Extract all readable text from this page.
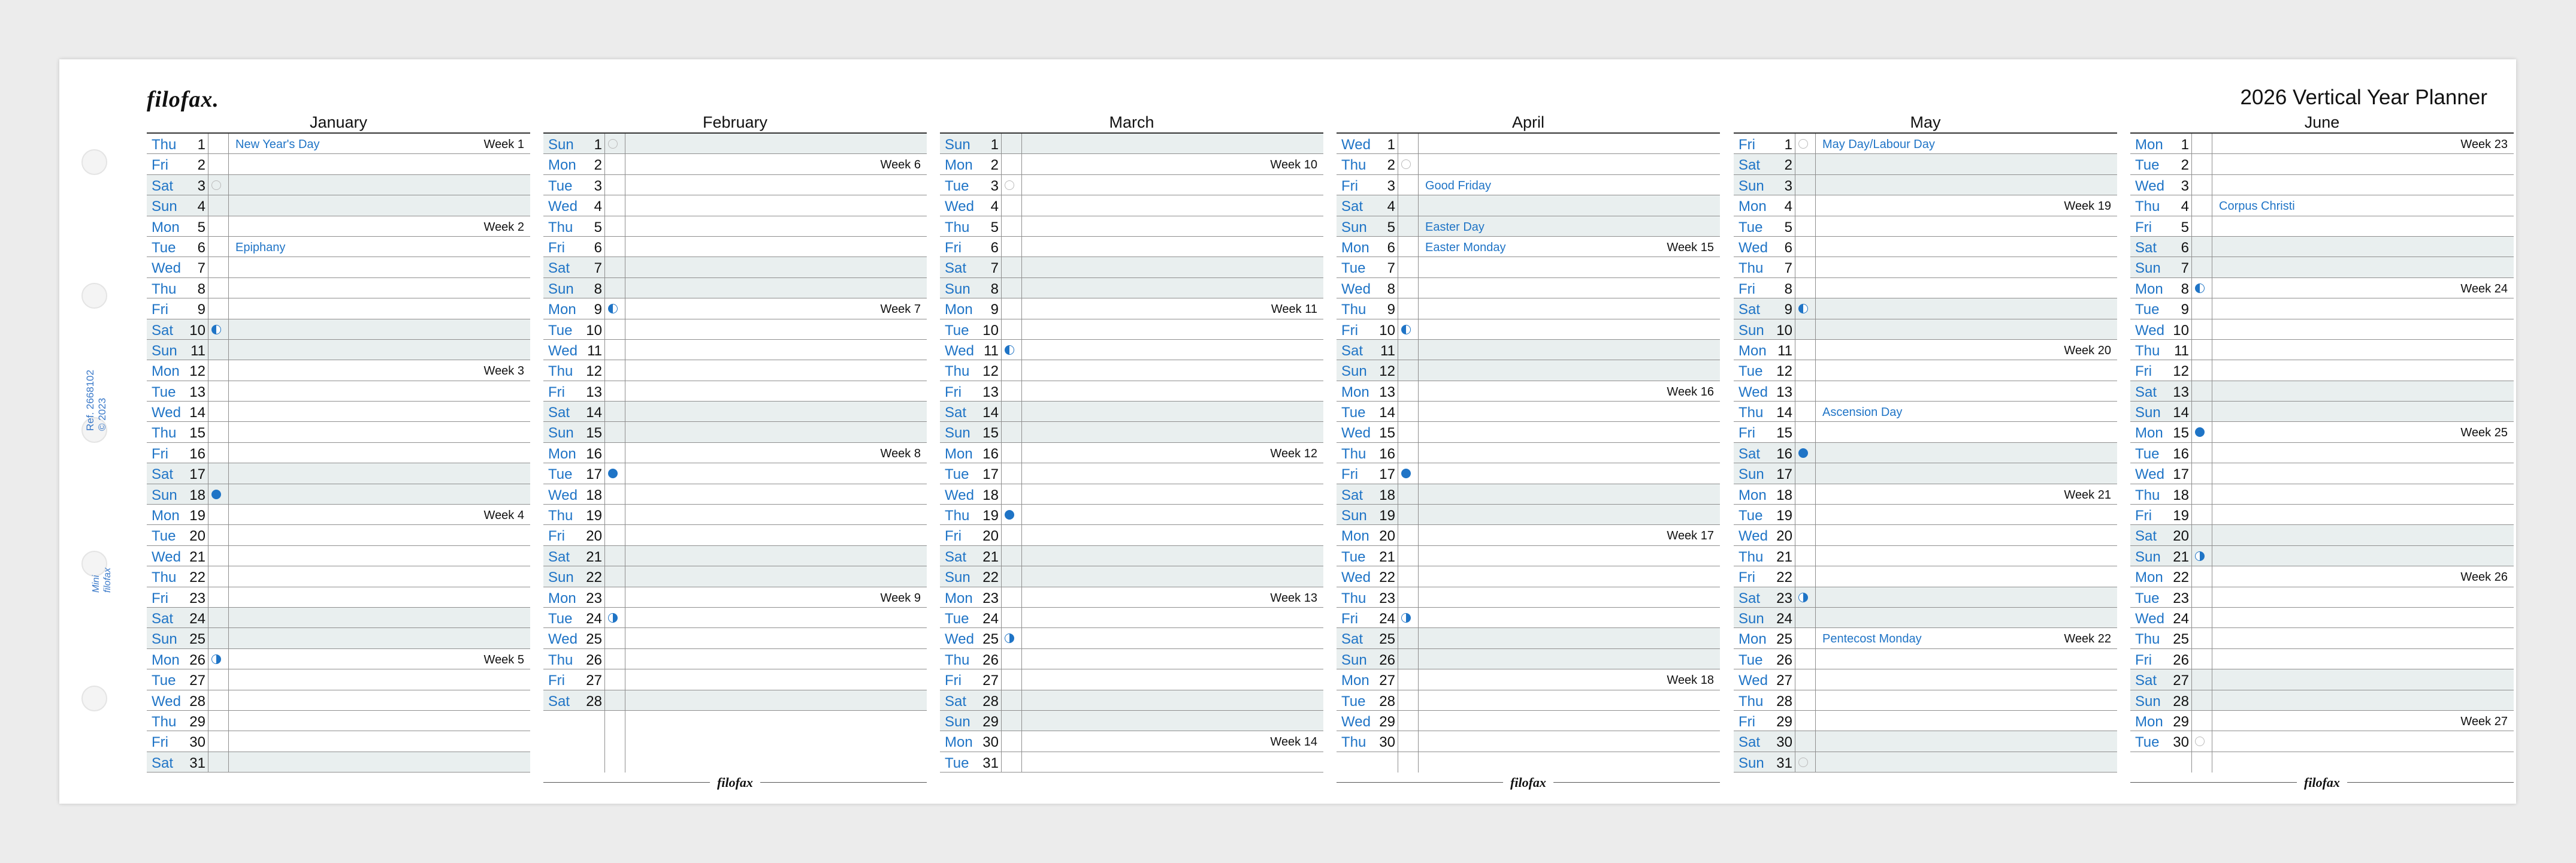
Ref. 2668102
© 2023
Mini
filofax
filofax.	2026 Vertical Year Planner
January
Thu	1	New Year's Day	Week 1
Fri	2
Sat	3
Sun	4
Mon	5	Week 2
Tue	6	Epiphany
Wed	7
Thu	8
Fri	9
Sat	10
Sun 11
Mon 12	Week 3
Tue 13
Wed 14
Thu 15
Fri	16
Sat	17
Sun 18
Mon 19	Week 4
Tue 20
Wed 21
Thu 22
Fri	23
Sat	24
Sun 25
Mon 26	Week 5
Tue 27
Wed 28
Thu 29
Fri	30
Sat	31
February
Sun	1
Mon	2	Week 6
Tue	3
Wed	4
Thu	5
Fri	6
Sat	7
Sun	8
Mon	9	Week 7
Tue 10
Wed 11
Thu 12
Fri	13
Sat	14
Sun 15
Mon 16	Week 8
Tue 17
Wed 18
Thu 19
Fri	20
Sat	21
Sun 22
Mon 23	Week 9
Tue 24
Wed 25
Thu 26
Fri	27
Sat	28
filofax
March
Sun	1
Mon	2	Week 10
Tue	3
Wed	4
Thu	5
Fri	6
Sat	7
Sun	8
Mon	9	Week 11
Tue 10
Wed 11
Thu 12
Fri	13
Sat	14
Sun 15
Mon 16	Week 12
Tue 17
Wed 18
Thu 19
Fri	20
Sat	21
Sun 22
Mon 23	Week 13
Tue 24
Wed 25
Thu 26
Fri	27
Sat	28
Sun 29
Mon 30	Week 14
Tue 31
April
Wed	1
Thu	2
Fri	3	Good Friday
Sat	4
Sun	5	Easter Day
Mon	6	Easter Monday	Week 15
Tue	7
Wed	8
Thu	9
Fri	10
Sat	11
Sun 12
Mon 13	Week 16
Tue 14
Wed 15
Thu 16
Fri	17
Sat	18
Sun 19
Mon 20	Week 17
Tue 21
Wed 22
Thu 23
Fri	24
Sat	25
Sun 26
Mon 27	Week 18
Tue 28
Wed 29
Thu 30
filofax
May
Fri	1	May Day/Labour Day
Sat	2
Sun	3
Mon	4	Week 19
Tue	5
Wed	6
Thu	7
Fri	8
Sat	9
Sun 10
Mon 11	Week 20
Tue 12
Wed 13
Thu 14	Ascension Day
Fri	15
Sat	16
Sun 17
Mon 18	Week 21
Tue 19
Wed 20
Thu 21
Fri	22
Sat	23
Sun 24
Mon 25	Pentecost Monday	Week 22
Tue 26
Wed 27
Thu 28
Fri	29
Sat	30
Sun 31
June
Mon	1	Week 23
Tue	2
Wed	3
Thu	4	Corpus Christi
Fri	5
Sat	6
Sun	7
Mon	8	Week 24
Tue	9
Wed 10
Thu 11
Fri	12
Sat	13
Sun 14
Mon 15	Week 25
Tue 16
Wed 17
Thu 18
Fri	19
Sat	20
Sun 21
Mon 22	Week 26
Tue 23
Wed 24
Thu 25
Fri	26
Sat	27
Sun 28
Mon 29	Week 27
Tue 30
filofax
